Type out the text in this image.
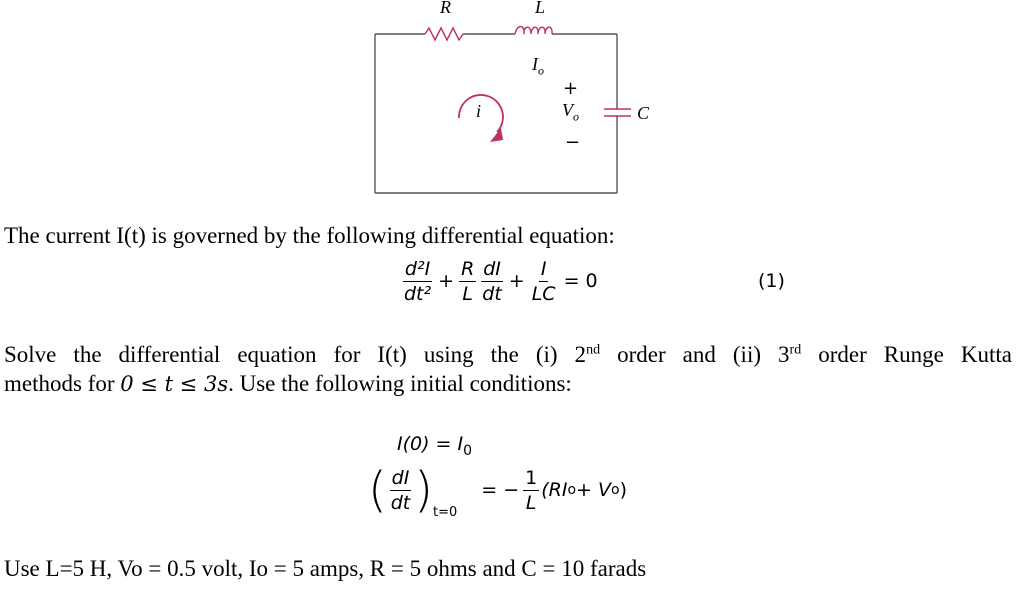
R	L
$I_o$
+
$V_o$
−
C
i
The current I(t) is governed by the following differential equation:
$\frac{\text{d²I}}{\text{dt²}} + \frac{R}{L} \frac{dI}{dt} + \frac{I}{LC} = 0$	(1)
Solve the differential equation for I(t) using the (i) 2nd order and (ii) 3rd order Runge Kutta
methods for 0 ≤ t ≤ 3s. Use the following initial conditions:
$I(0) = I_0$
( $\frac{dI}{dt}$ ) t=0
= − $\frac{1}{L} (RI$ o + V o )
Use L=5 H, Vo = 0.5 volt, Io = 5 amps, R = 5 ohms and C = 10 farads
